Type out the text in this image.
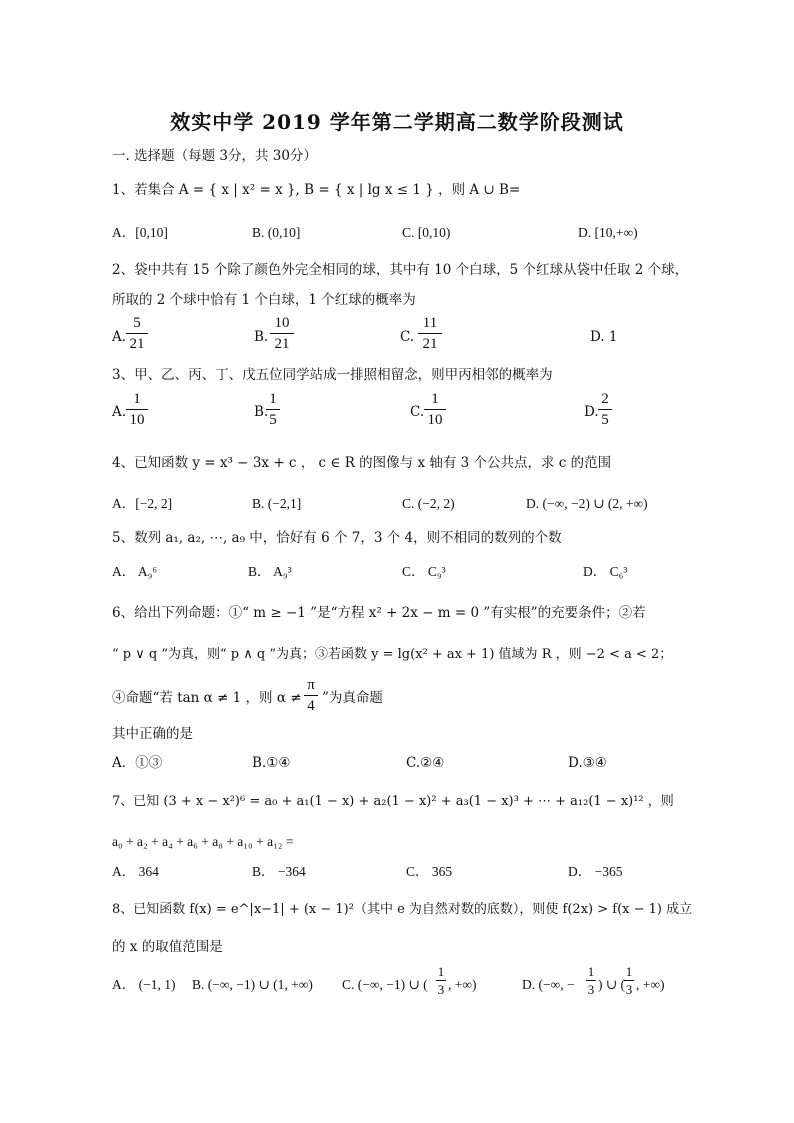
效实中学 2019 学年第二学期高二数学阶段测试
一. 选择题（每题 3分，共 30分）
1、若集合 A = { x | x² = x }, B = { x | lg x ≤ 1 } ，则 A ∪ B=
A．[0,10]	B. (0,10]	C. [0,10)	D. [10,+∞)
2、袋中共有 15 个除了颜色外完全相同的球，其中有 10 个白球，5 个红球从袋中任取 2 个球，
所取的 2 个球中恰有 1 个白球，1 个红球的概率为
A.
5
21	B.
10
21	C.
11
21	D. 1
3、甲、乙、丙、丁、戊五位同学站成一排照相留念，则甲丙相邻的概率为
A.
1
10	B.
1
5	C.
1
10	D.
2
5
4、已知函数 y = x³ − 3x + c ， c ∈ R 的图像与 x 轴有 3 个公共点，求 c 的范围
A．[−2, 2]	B. (−2,1]	C. (−2, 2)	D. (−∞, −2) ∪ (2, +∞)
5、数列 a₁, a₂, ⋯, a₉ 中，恰好有 6 个 7，3 个 4，则不相同的数列的个数
A． A₉⁶	B． A₉³	C． C₉³	D． C₆³
6、给出下列命题：①“ m ≥ −1 ”是“方程 x² + 2x − m = 0 ”有实根”的充要条件；②若
“ p ∨ q ”为真，则“ p ∧ q ”为真；③若函数 y = lg(x² + ax + 1) 值域为 R ，则 −2 < a < 2；
④命题“若 tan α ≠ 1 ，则 α ≠
π
4 ”为真命题
其中正确的是
A．①③	B.①④	C.②④	D.③④
7、已知 (3 + x − x²)⁶ = a₀ + a₁(1 − x) + a₂(1 − x)² + a₃(1 − x)³ + ⋯ + a₁₂(1 − x)¹² ，则
a₀ + a₂ + a₄ + a₆ + a₈ + a₁₀ + a₁₂ =
A． 364	B． −364	C． 365	D． −365
8、已知函数 f(x) = e^|x−1| + (x − 1)²（其中 e 为自然对数的底数），则使 f(2x) > f(x − 1) 成立
的 x 的取值范围是
A． (−1, 1) B. (−∞, −1) ∪ (1, +∞) C. (−∞, −1) ∪ (
1
3 , +∞)	D. (−∞, −
1
3 ) ∪ (
1
3 , +∞)
